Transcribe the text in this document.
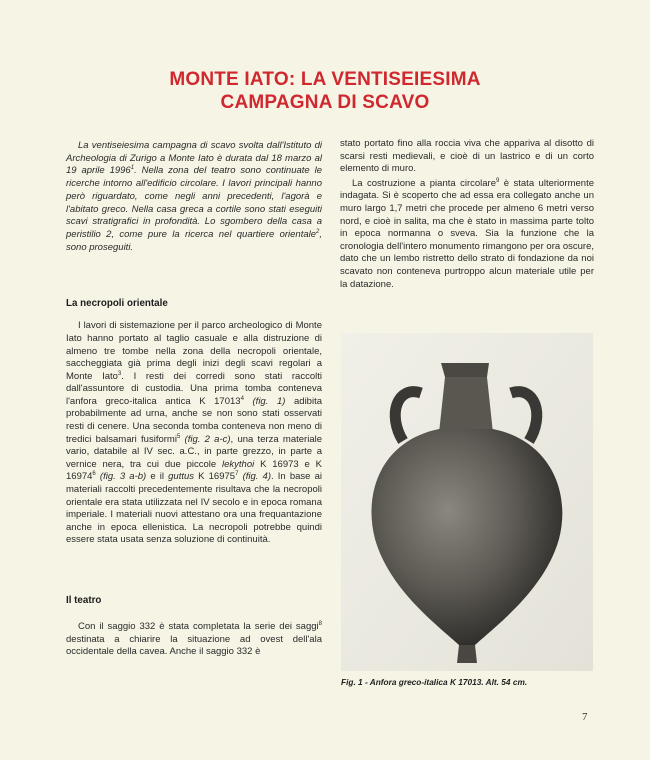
MONTE IATO: LA VENTISEIESIMA
CAMPAGNA DI SCAVO

La ventiseiesima campagna di scavo svolta dall'Istituto di Archeologia di Zurigo a Monte Iato è durata dal 18 marzo al 19 aprile 1996$^1$. Nella zona del teatro sono continuate le ricerche intorno all'edificio circolare. I lavori principali hanno però riguardato, come negli anni precedenti, l'agorà e l'abitato greco. Nella casa greca a cortile sono stati eseguiti scavi stratigrafici in profondità. Lo sgombero della casa a peristilio 2, come pure la ricerca nel quartiere orientale$^2$, sono proseguiti.

La necropoli orientale

I lavori di sistemazione per il parco archeologico di Monte Iato hanno portato al taglio casuale e alla distruzione di almeno tre tombe nella zona della necropoli orientale, saccheggiata già prima degli inizi degli scavi regolari a Monte Iato$^3$. I resti dei corredi sono stati raccolti dall'assuntore di custodia. Una prima tomba conteneva l'anfora greco-italica antica K 17013$^4$ (fig. 1) adibita probabilmente ad urna, anche se non sono stati osservati resti di cenere. Una seconda tomba conteneva non meno di tredici balsamari fusiformi$^5$ (fig. 2 a-c), una terza materiale vario, databile al IV sec. a.C., in parte grezzo, in parte a vernice nera, tra cui due piccole lekythoi K 16973 e K 16974$^6$ (fig. 3 a-b) e il guttus K 16975$^7$ (fig. 4). In base ai materiali raccolti precedentemente risultava che la necropoli orientale era stata utilizzata nel IV secolo e in epoca romana imperiale. I materiali nuovi attestano ora una frequantazione anche in epoca ellenistica. La necropoli potrebbe quindi essere stata usata senza soluzione di continuità.

Il teatro

Con il saggio 332 è stata completata la serie dei saggi$^8$ destinata a chiarire la situazione ad ovest dell'ala occidentale della cavea. Anche il saggio 332 è

stato portato fino alla roccia viva che appariva al disotto di scarsi resti medievali, e cioè di un lastrico e di un corto elemento di muro.

La costruzione a pianta circolare$^9$ è stata ulteriormente indagata. Si è scoperto che ad essa era collegato anche un muro largo 1,7 metri che procede per almeno 6 metri verso nord, e cioè in salita, ma che è stato in massima parte tolto in epoca normanna o sveva. Sia la funzione che la cronologia dell'intero monumento rimangono per ora oscure, dato che un lembo ristretto dello strato di fondazione da noi scavato non conteneva purtroppo alcun materiale utile per la datazione.

Fig. 1 - Anfora greco-italica K 17013. Alt. 54 cm.

7
